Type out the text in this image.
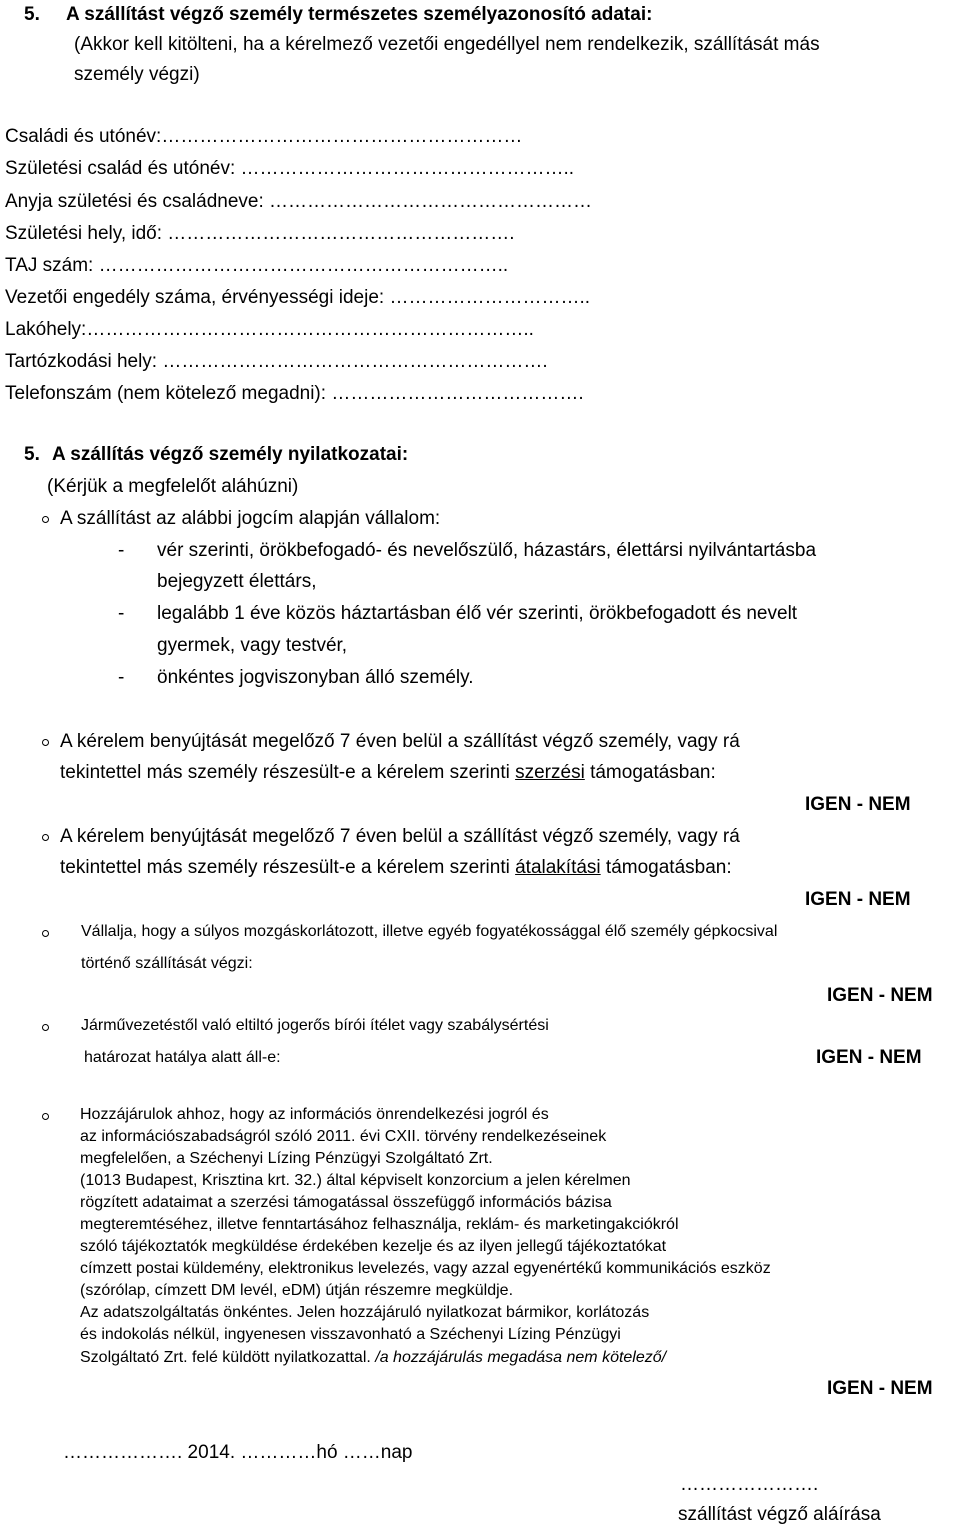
5. A szállítást végző személy természetes személyazonosító adatai:
(Akkor kell kitölteni, ha a kérelmező vezetői engedéllyel nem rendelkezik, szállítását más
személy végzi)
Családi és utónév:…………………………………………………
Születési család és utónév: ……………………………………………..
Anyja születési és családneve: ……………………………………………
Születési hely, idő: ……………………………………………….
TAJ szám: ………………………………………………………..
Vezetői engedély száma, érvényességi ideje: …………………………..
Lakóhely:……………………………………………………………..
Tartózkodási hely: …………………………………………………….
Telefonszám (nem kötelező megadni): ………………………………….
5. A szállítás végző személy nyilatkozatai:
(Kérjük a megfelelőt aláhúzni)
A szállítást az alábbi jogcím alapján vállalom:
- vér szerinti, örökbefogadó- és nevelőszülő, házastárs, élettársi nyilvántartásba
bejegyzett élettárs,
- legalább 1 éve közös háztartásban élő vér szerinti, örökbefogadott és nevelt
gyermek, vagy testvér,
- önkéntes jogviszonyban álló személy.
A kérelem benyújtását megelőző 7 éven belül a szállítást végző személy, vagy rá
tekintettel más személy részesült-e a kérelem szerinti szerzési támogatásban:
IGEN - NEM
A kérelem benyújtását megelőző 7 éven belül a szállítást végző személy, vagy rá
tekintettel más személy részesült-e a kérelem szerinti átalakítási támogatásban:
IGEN - NEM
Vállalja, hogy a súlyos mozgáskorlátozott, illetve egyéb fogyatékossággal élő személy gépkocsival
történő szállítását végzi:
IGEN - NEM
Járművezetéstől való eltiltó jogerős bírói ítélet vagy szabálysértési
határozat hatálya alatt áll-e:	IGEN - NEM
Hozzájárulok ahhoz, hogy az információs önrendelkezési jogról és
az információszabadságról szóló 2011. évi CXII. törvény rendelkezéseinek
megfelelően, a Széchenyi Lízing Pénzügyi Szolgáltató Zrt.
(1013 Budapest, Krisztina krt. 32.) által képviselt konzorcium a jelen kérelmen
rögzített adataimat a szerzési támogatással összefüggő információs bázisa
megteremtéséhez, illetve fenntartásához felhasználja, reklám- és marketingakciókról
szóló tájékoztatók megküldése érdekében kezelje és az ilyen jellegű tájékoztatókat
címzett postai küldemény, elektronikus levelezés, vagy azzal egyenértékű kommunikációs eszköz
(szórólap, címzett DM levél, eDM) útján részemre megküldje.
Az adatszolgáltatás önkéntes. Jelen hozzájáruló nyilatkozat bármikor, korlátozás
és indokolás nélkül, ingyenesen visszavonható a Széchenyi Lízing Pénzügyi
Szolgáltató Zrt. felé küldött nyilatkozattal. /a hozzájárulás megadása nem kötelező/
IGEN - NEM
………………. 2014. …………hó ……nap
………………….
szállítást végző aláírása
